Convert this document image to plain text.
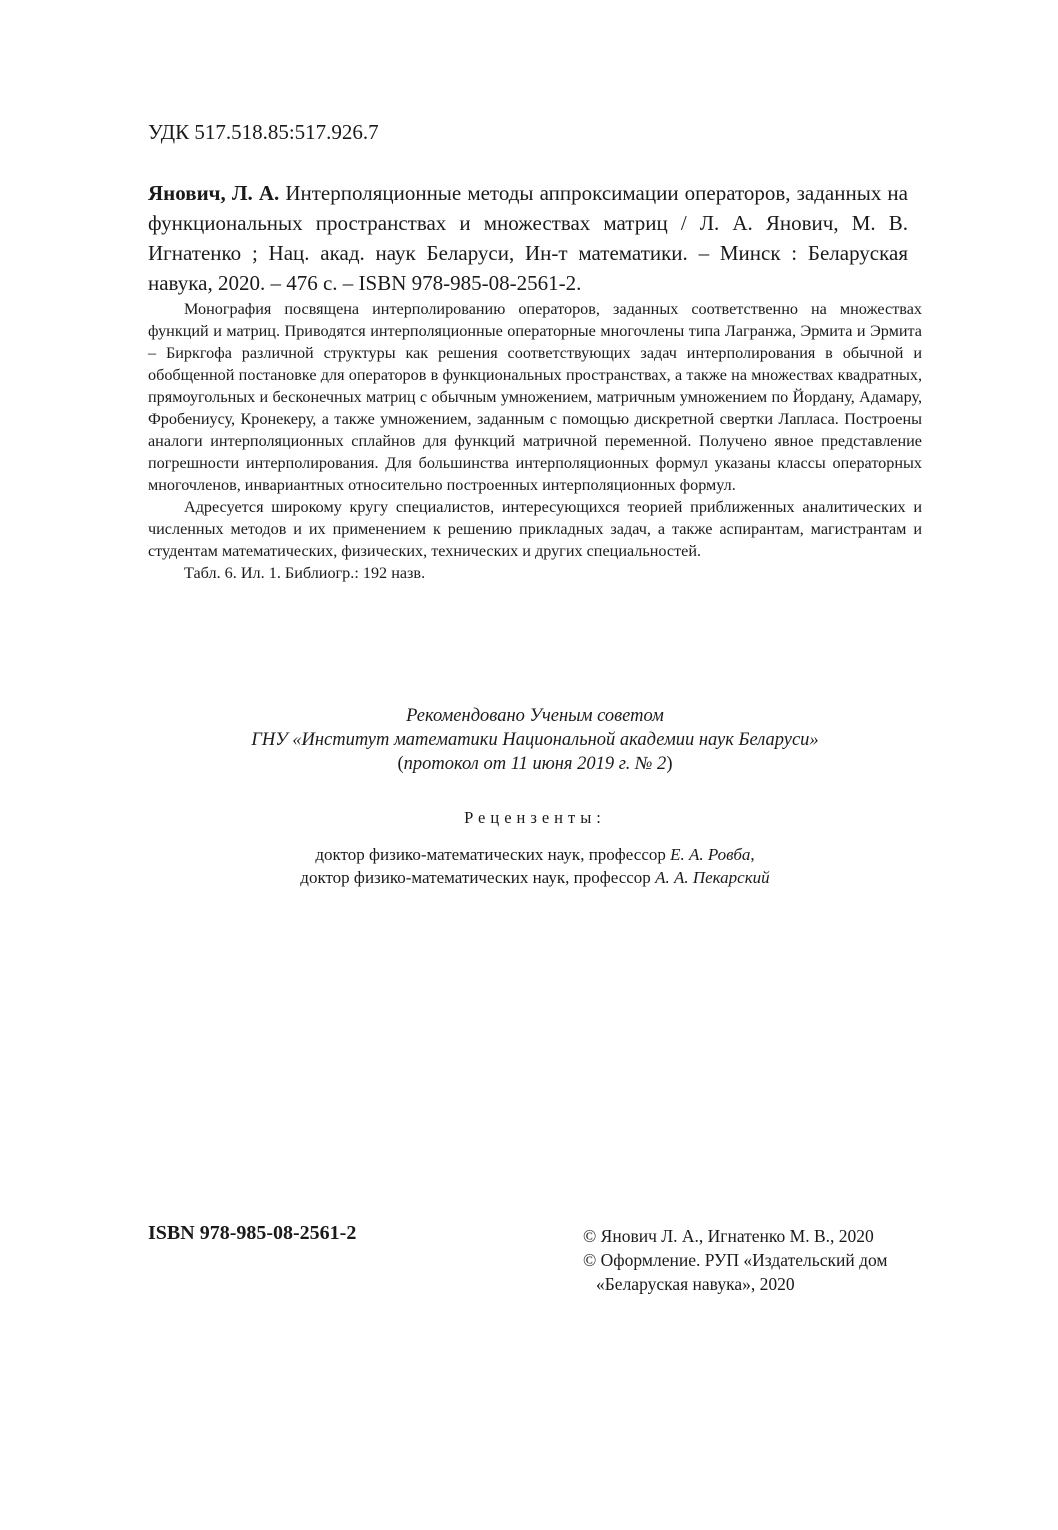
УДК 517.518.85:517.926.7
Янович, Л. А. Интерполяционные методы аппроксимации операторов, заданных на функциональных пространствах и множествах матриц / Л. А. Янович, М. В. Игнатенко ; Нац. акад. наук Беларуси, Ин-т математики. – Минск : Беларуская навука, 2020. – 476 с. – ISBN 978-985-08-2561-2.

Монография посвящена интерполированию операторов, заданных соответственно на множествах функций и матриц. Приводятся интерполяционные операторные многочлены типа Лагранжа, Эрмита и Эрмита – Биркгофа различной структуры как решения соответствующих задач интерполирования в обычной и обобщенной постановке для операторов в функциональных пространствах, а также на множествах квадратных, прямоугольных и бесконечных матриц с обычным умножением, матричным умножением по Йордану, Адамару, Фробениусу, Кронекеру, а также умножением, заданным с помощью дискретной свертки Лапласа. Построены аналоги интерполяционных сплайнов для функций матричной переменной. Получено явное представление погрешности интерполирования. Для большинства интерполяционных формул указаны классы операторных многочленов, инвариантных относительно построенных интерполяционных формул.

Адресуется широкому кругу специалистов, интересующихся теорией приближенных аналитических и численных методов и их применением к решению прикладных задач, а также аспирантам, магистрантам и студентам математических, физических, технических и других специальностей.

Табл. 6. Ил. 1. Библиогр.: 192 назв.

Рекомендовано Ученым советом
ГНУ «Институт математики Национальной академии наук Беларуси»
(протокол от 11 июня 2019 г. № 2)
Рецензенты:
доктор физико-математических наук, профессор Е. А. Ровба,
доктор физико-математических наук, профессор А. А. Пекарский
ISBN 978-985-08-2561-2	© Янович Л. А., Игнатенко М. В., 2020
© Оформление. РУП «Издательский дом
«Беларуская навука», 2020
